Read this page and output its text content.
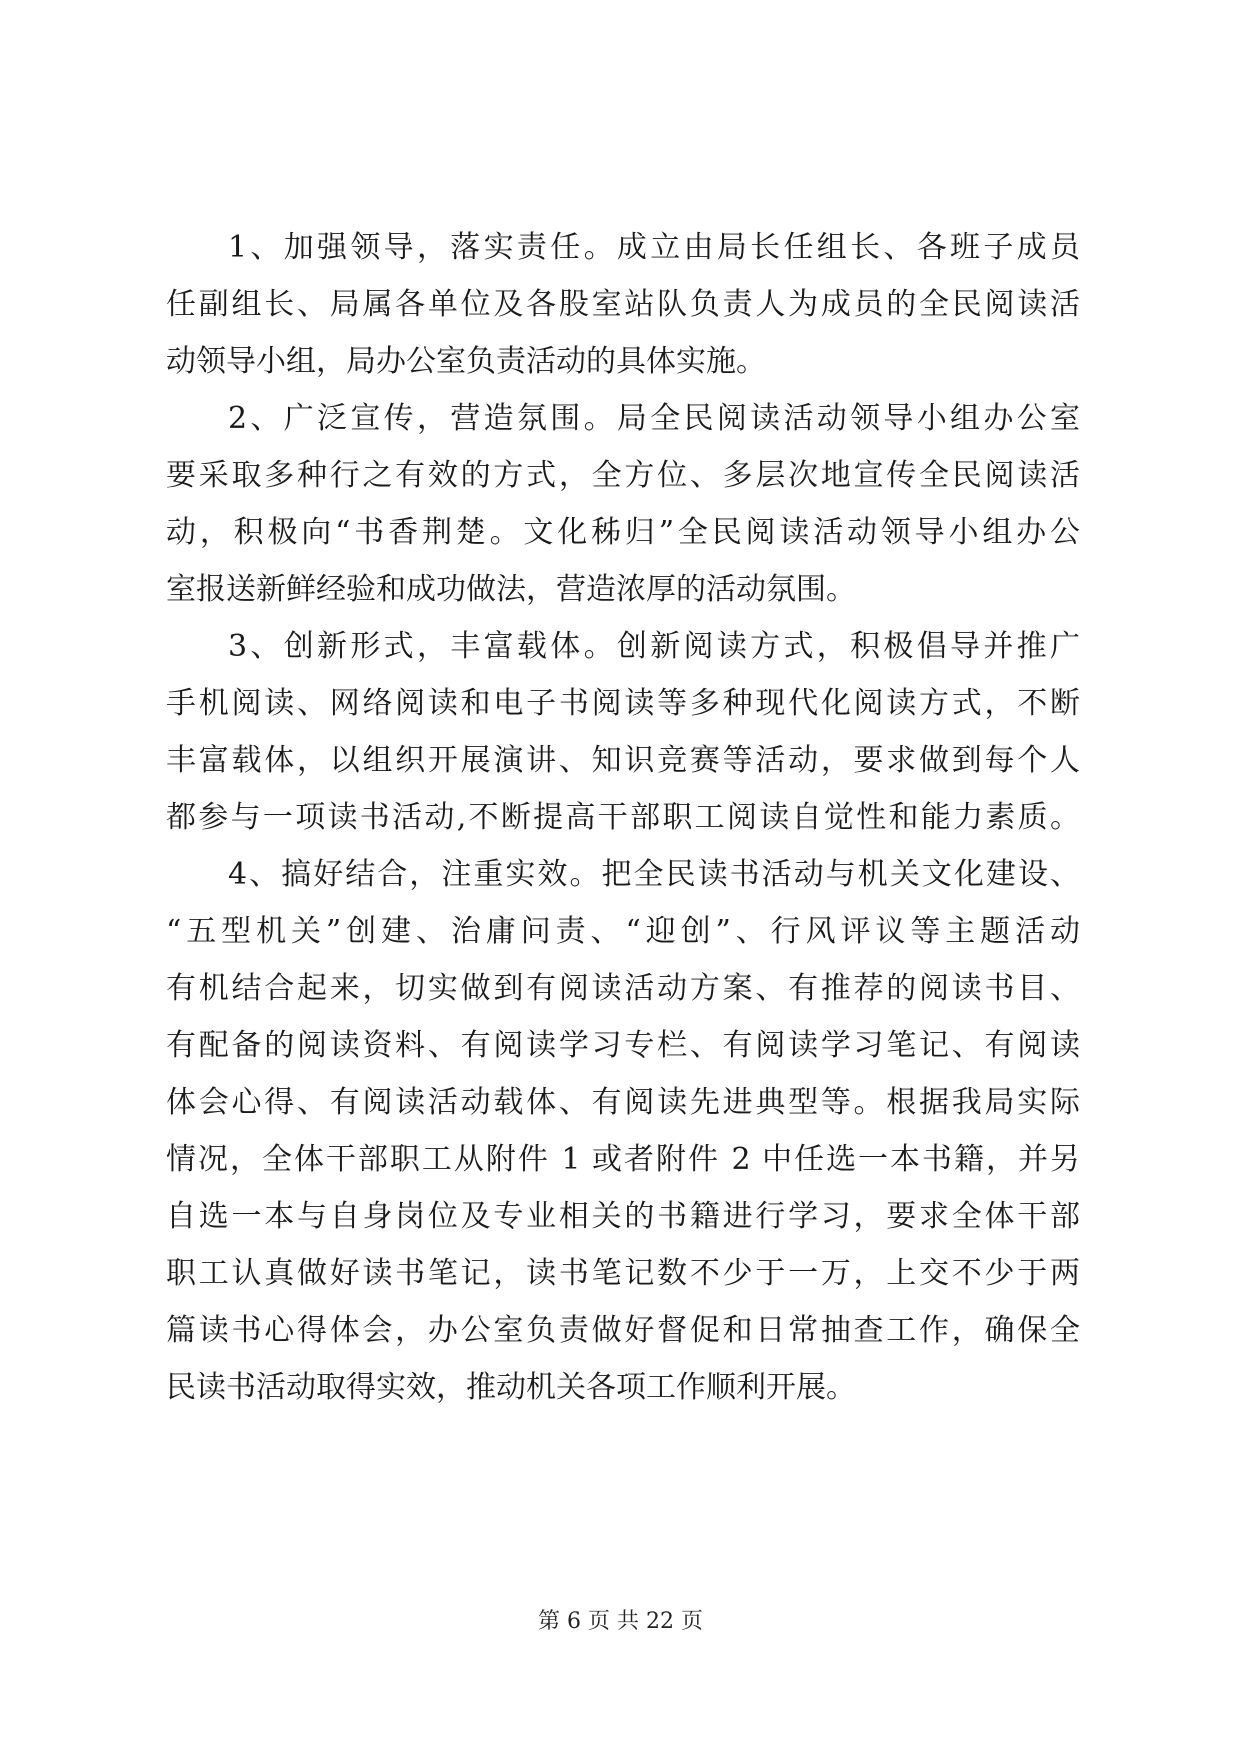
1、加强领导，落实责任。成立由局长任组长、各班子成员
任副组长、局属各单位及各股室站队负责人为成员的全民阅读活
动领导小组，局办公室负责活动的具体实施。
2、广泛宣传，营造氛围。局全民阅读活动领导小组办公室
要采取多种行之有效的方式，全方位、多层次地宣传全民阅读活
动，积极向“书香荆楚。文化秭归”全民阅读活动领导小组办公
室报送新鲜经验和成功做法，营造浓厚的活动氛围。
3、创新形式，丰富载体。创新阅读方式，积极倡导并推广
手机阅读、网络阅读和电子书阅读等多种现代化阅读方式，不断
丰富载体，以组织开展演讲、知识竞赛等活动，要求做到每个人
都参与一项读书活动,不断提高干部职工阅读自觉性和能力素质。
4、搞好结合，注重实效。把全民读书活动与机关文化建设、
“五型机关”创建、治庸问责、“迎创”、行风评议等主题活动
有机结合起来，切实做到有阅读活动方案、有推荐的阅读书目、
有配备的阅读资料、有阅读学习专栏、有阅读学习笔记、有阅读
体会心得、有阅读活动载体、有阅读先进典型等。根据我局实际
情况，全体干部职工从附件 1 或者附件 2 中任选一本书籍，并另
自选一本与自身岗位及专业相关的书籍进行学习，要求全体干部
职工认真做好读书笔记，读书笔记数不少于一万，上交不少于两
篇读书心得体会，办公室负责做好督促和日常抽查工作，确保全
民读书活动取得实效，推动机关各项工作顺利开展。
第 6 页 共 22 页
